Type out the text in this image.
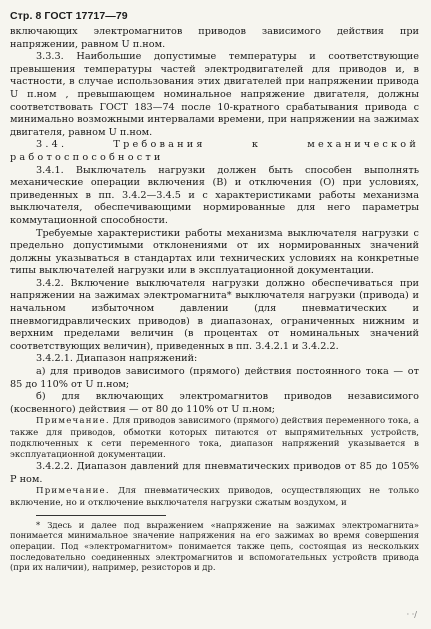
Стр. 8 ГОСТ 17717—79

включающих электромагнитов приводов зависимого действия при напряжении, равном U п.ном.

3.3.3. Наибольшие допустимые температуры и соответствующие превышения температуры частей электродвигателей для приводов и, в частности, в случае использования этих двигателей при напряжении привода U п.ном , превышающем номинальное напряжение двигателя, должны соответствовать ГОСТ 183—74 после 10-кратного срабатывания привода с минимально возможными интервалами времени, при напряжении на зажимах двигателя, равном U п.ном.

3.4. Требования к механической работоспособности

3.4.1. Выключатель нагрузки должен быть способен выполнять механические операции включения (В) и отключения (О) при условиях, приведенных в пп. 3.4.2—3.4.5 и с характеристиками работы механизма выключателя, обеспечивающими нормированные для него параметры коммутационной способности.

Требуемые характеристики работы механизма выключателя нагрузки с предельно допустимыми отклонениями от их нормированных значений должны указываться в стандартах или технических условиях на конкретные типы выключателей нагрузки или в эксплуатационной документации.

3.4.2. Включение выключателя нагрузки должно обеспечиваться при напряжении на зажимах электромагнита* выключателя нагрузки (привода) и начальном избыточном давлении (для пневматических и пневмогидравлических приводов) в диапазонах, ограниченных нижним и верхним пределами величин (в процентах от номинальных значений соответствующих величин), приведенных в пп. 3.4.2.1 и 3.4.2.2.

3.4.2.1. Диапазон напряжений:

а) для приводов зависимого (прямого) действия постоянного тока — от 85 до 110% от U п.ном;

б) для включающих электромагнитов приводов независимого (косвенного) действия — от 80 до 110% от U п.ном;

Примечание. Для приводов зависимого (прямого) действия переменного тока, а также для приводов, обмотки которых питаются от выпрямительных устройств, подключенных к сети переменного тока, диапазон напряжений указывается в эксплуатационной документации.

3.4.2.2. Диапазон давлений для пневматических приводов от 85 до 105% P ном.

Примечание. Для пневматических приводов, осуществляющих не только включение, но и отключение выключателя нагрузки сжатым воздухом, и

* Здесь и далее под выражением «напряжение на зажимах электромагнита» понимается минимальное значение напряжения на его зажимах во время совершения операции. Под «электромагнитом» понимается также цепь, состоящая из нескольких последовательно соединенных электромагнитов и вспомогательных устройств привода (при их наличии), например, резисторов и др.

· ·/
